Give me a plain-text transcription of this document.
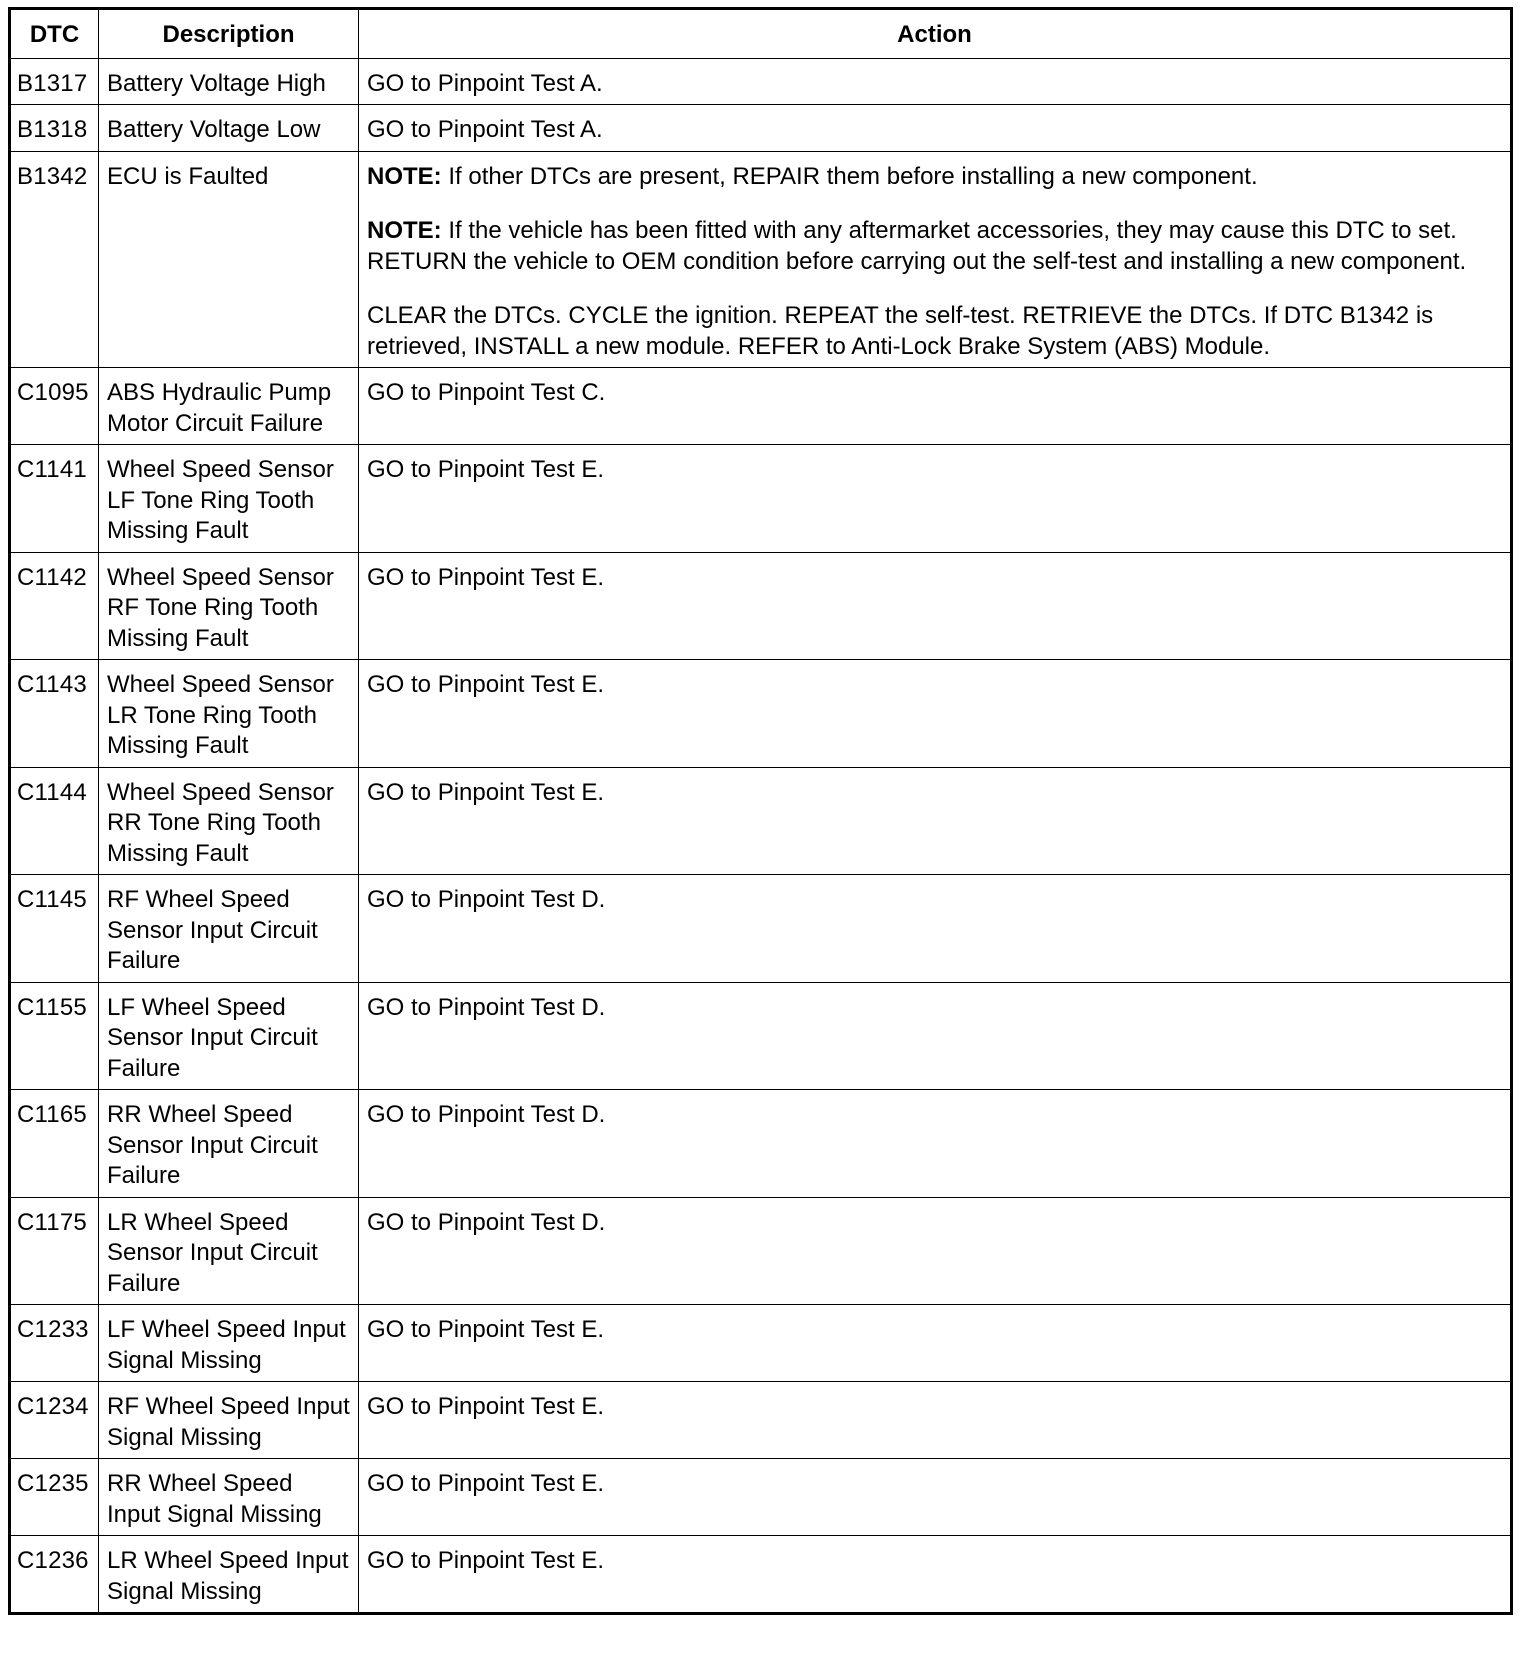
DTC	Description	Action
B1317	Battery Voltage High	GO to Pinpoint Test A.
B1318	Battery Voltage Low	GO to Pinpoint Test A.
B1342	ECU is Faulted	NOTE: If other DTCs are present, REPAIR them before installing a new component.

NOTE: If the vehicle has been fitted with any aftermarket accessories, they may cause this DTC to set. RETURN the vehicle to OEM condition before carrying out the self-test and installing a new component.

CLEAR the DTCs. CYCLE the ignition. REPEAT the self-test. RETRIEVE the DTCs. If DTC B1342 is retrieved, INSTALL a new module. REFER to Anti-Lock Brake System (ABS) Module.

C1095	ABS Hydraulic Pump Motor Circuit Failure	GO to Pinpoint Test C.
C1141	Wheel Speed Sensor LF Tone Ring Tooth Missing Fault	GO to Pinpoint Test E.
C1142	Wheel Speed Sensor RF Tone Ring Tooth Missing Fault	GO to Pinpoint Test E.
C1143	Wheel Speed Sensor LR Tone Ring Tooth Missing Fault	GO to Pinpoint Test E.
C1144	Wheel Speed Sensor RR Tone Ring Tooth Missing Fault	GO to Pinpoint Test E.
C1145	RF Wheel Speed Sensor Input Circuit Failure	GO to Pinpoint Test D.
C1155	LF Wheel Speed Sensor Input Circuit Failure	GO to Pinpoint Test D.
C1165	RR Wheel Speed Sensor Input Circuit Failure	GO to Pinpoint Test D.
C1175	LR Wheel Speed Sensor Input Circuit Failure	GO to Pinpoint Test D.
C1233	LF Wheel Speed Input Signal Missing	GO to Pinpoint Test E.
C1234	RF Wheel Speed Input Signal Missing	GO to Pinpoint Test E.
C1235	RR Wheel Speed Input Signal Missing	GO to Pinpoint Test E.
C1236	LR Wheel Speed Input Signal Missing	GO to Pinpoint Test E.
